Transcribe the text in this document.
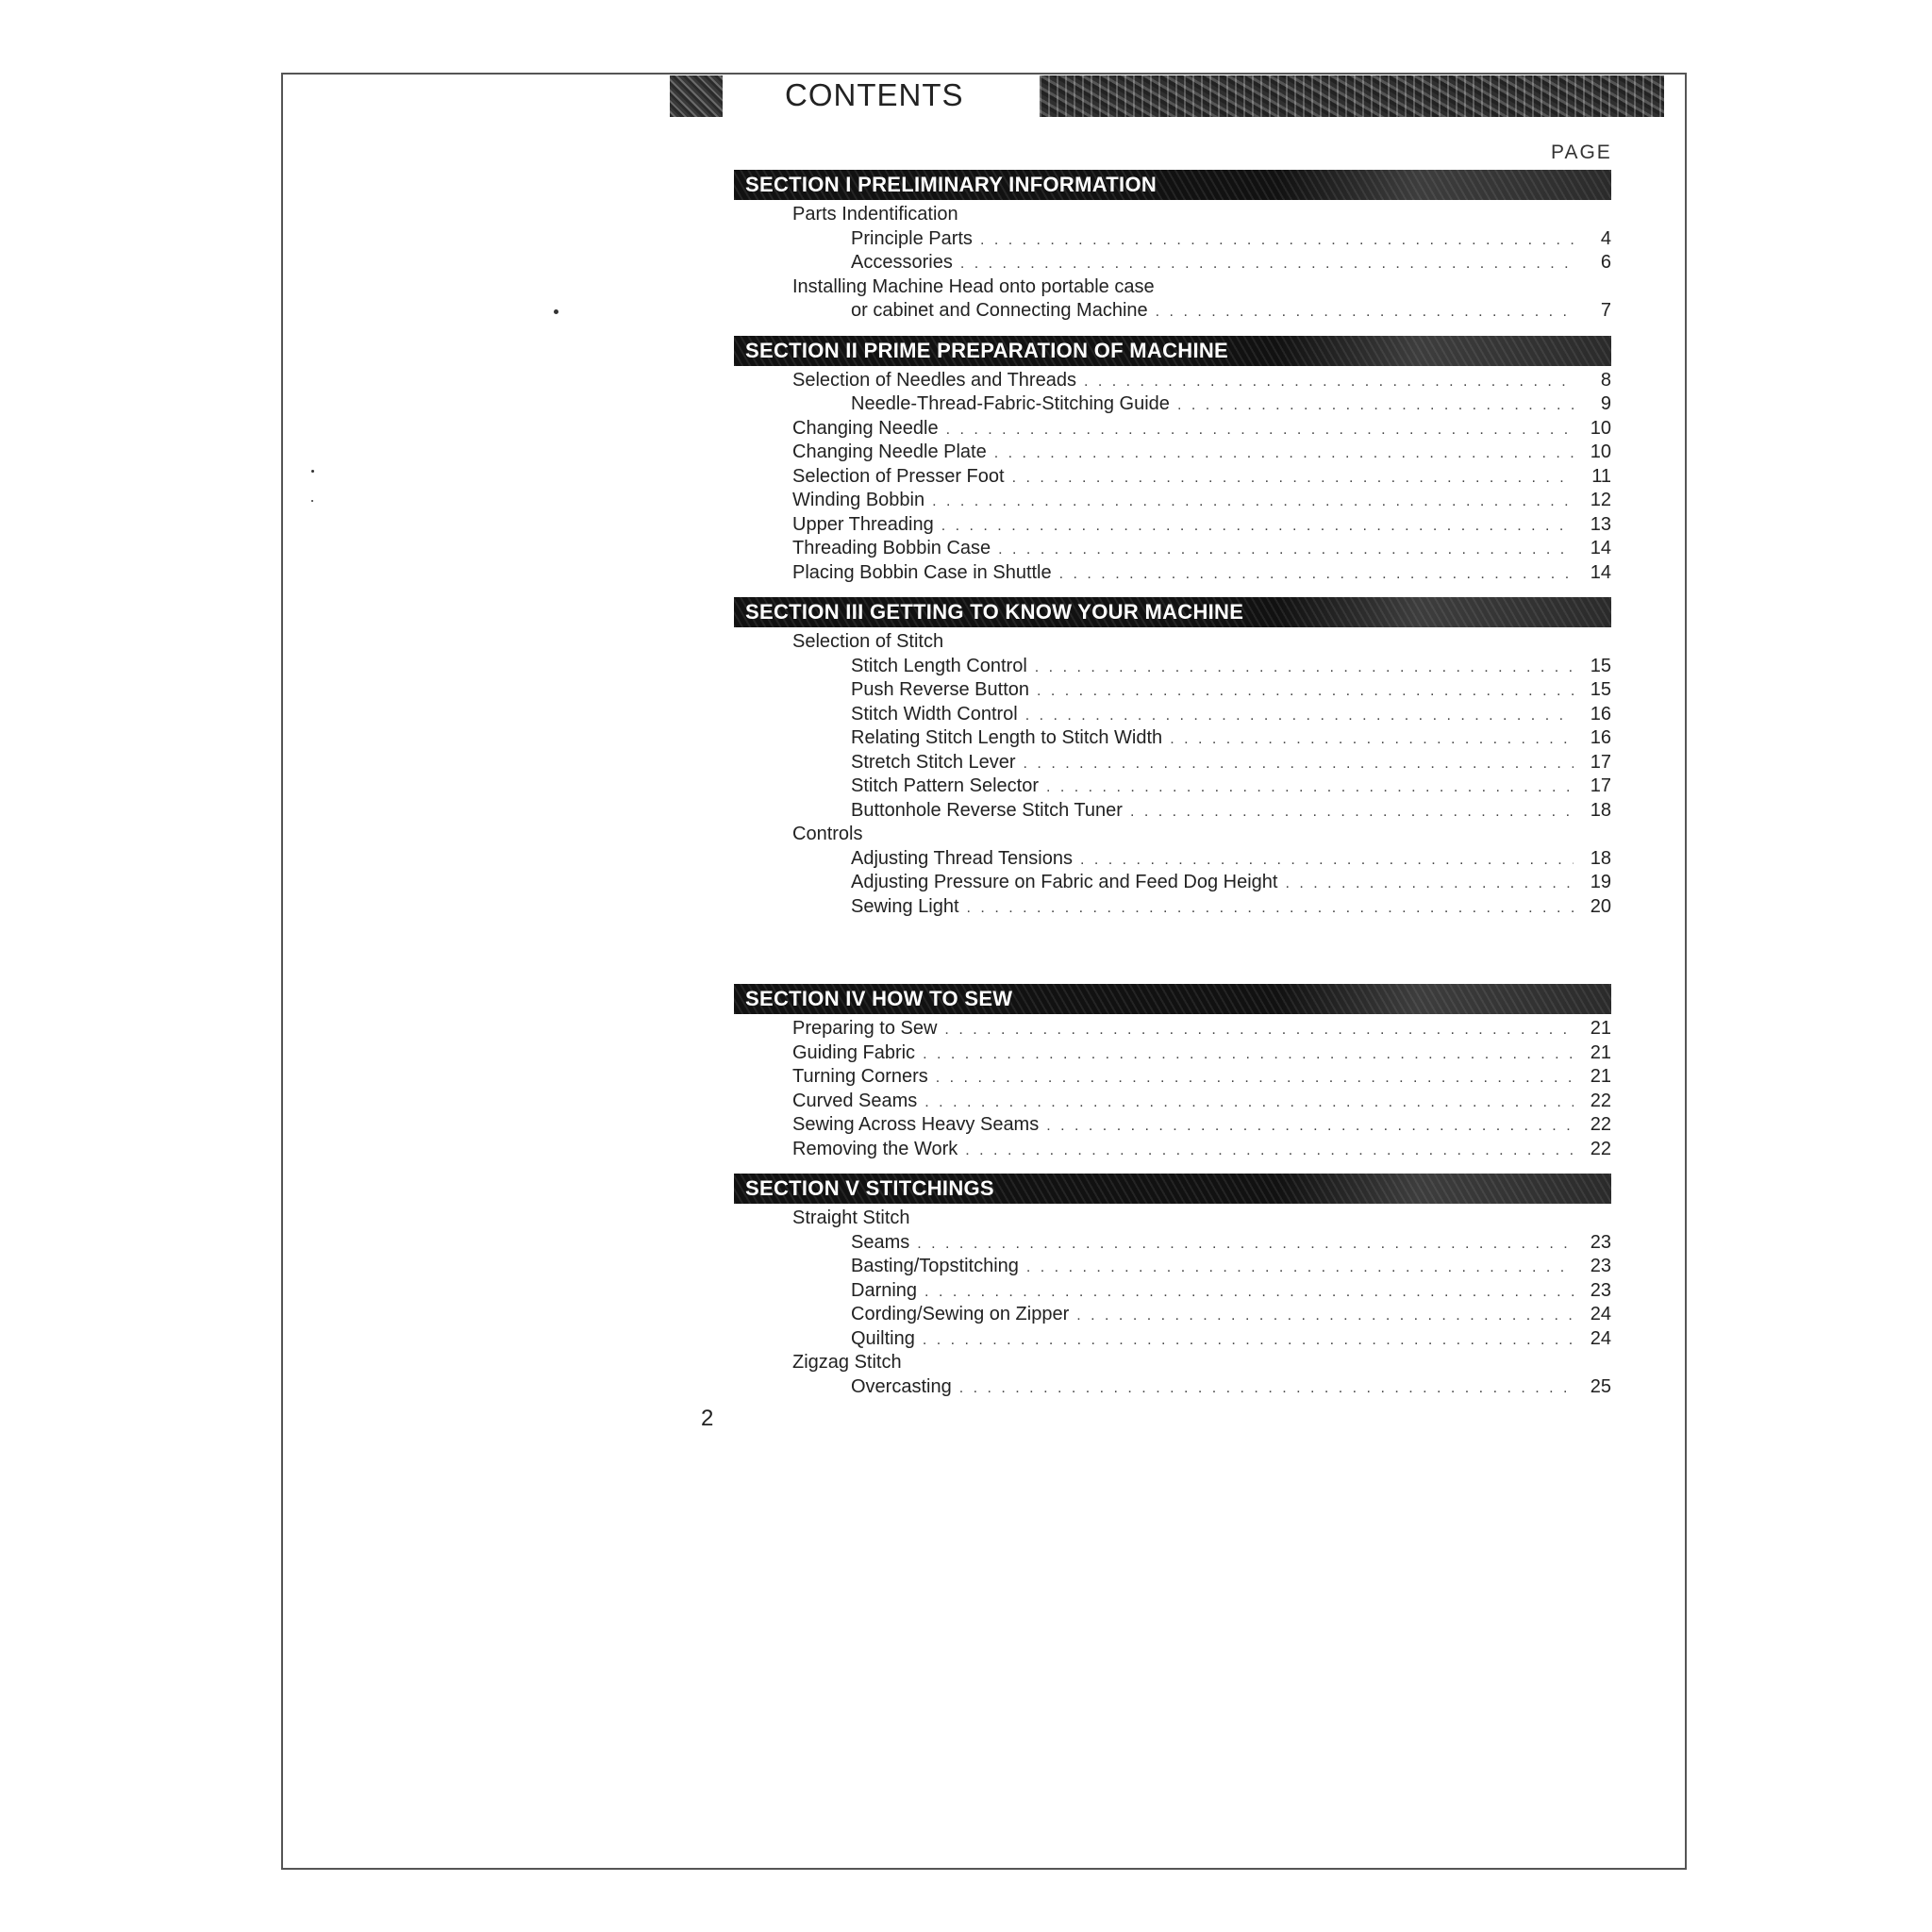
CONTENTS
PAGE
SECTION I PRELIMINARY INFORMATION
Parts Indentification
Principle Parts . . .	4
Accessories . . .	6
Installing Machine Head onto portable case
or cabinet and Connecting Machine . . .	7
SECTION II PRIME PREPARATION OF MACHINE
Selection of Needles and Threads . . .	8
Needle-Thread-Fabric-Stitching Guide . . .	9
Changing Needle . . .	10
Changing Needle Plate . . .	10
Selection of Presser Foot . . .	11
Winding Bobbin . . .	12
Upper Threading . . .	13
Threading Bobbin Case . . .	14
Placing Bobbin Case in Shuttle . . .	14
SECTION III GETTING TO KNOW YOUR MACHINE
Selection of Stitch
Stitch Length Control . . .	15
Push Reverse Button . . .	15
Stitch Width Control . . .	16
Relating Stitch Length to Stitch Width . . .	16
Stretch Stitch Lever . . .	17
Stitch Pattern Selector . . .	17
Buttonhole Reverse Stitch Tuner . . .	18
Controls
Adjusting Thread Tensions . . .	18
Adjusting Pressure on Fabric and Feed Dog Height . . .	19
Sewing Light . . .	20
SECTION IV HOW TO SEW
Preparing to Sew . . .	21
Guiding Fabric . . .	21
Turning Corners . . .	21
Curved Seams . . .	22
Sewing Across Heavy Seams . . .	22
Removing the Work . . .	22
SECTION V STITCHINGS
Straight Stitch
Seams . . .	23
Basting/Topstitching . . .	23
Darning . . .	23
Cording/Sewing on Zipper . . .	24
Quilting . . .	24
Zigzag Stitch
Overcasting . . .	25
2
